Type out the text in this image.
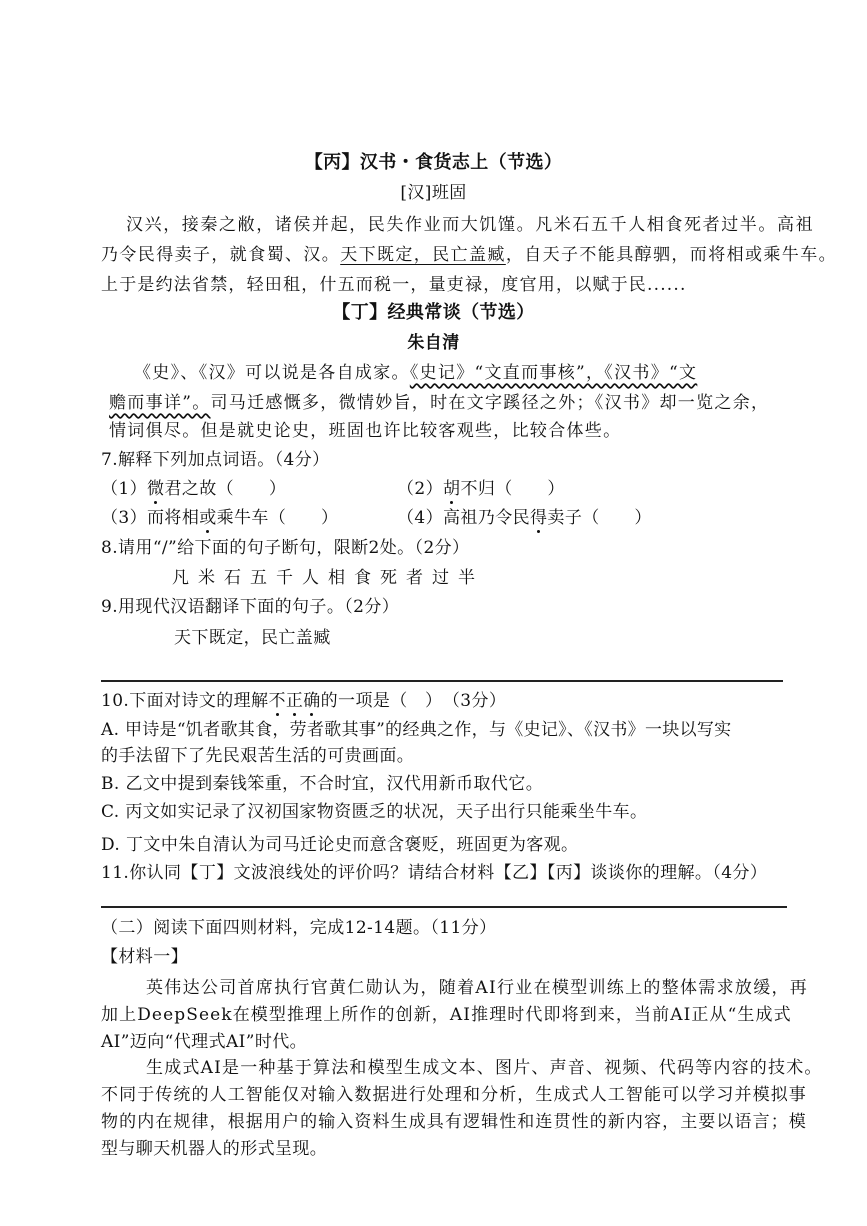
【丙】汉书・食货志上（节选）
[汉]班固
汉兴，接秦之敝，诸侯并起，民失作业而大饥馑。凡米石五千人相食死者过半。高祖
乃令民得卖子，就食蜀、汉。天下既定，民亡盖臧，自天子不能具醇驷，而将相或乘牛车。
上于是约法省禁，轻田租，什五而税一，量吏禄，度官用，以赋于民......
【丁】经典常谈（节选）
朱自清
《史》、《汉》可以说是各自成家。《史记》“文直而事核”，《汉书》“文
赡而事详”。司马迁感慨多，微情妙旨，时在文字蹊径之外；《汉书》却一览之余，
情词俱尽。但是就史论史，班固也许比较客观些，比较合体些。
7.解释下列加点词语。（4分）
（1）微君之故（　　）	（2）胡不归（　　）
（3）而将相或乘牛车（　　）	（4）高祖乃令民得卖子（　　）
8.请用“/”给下面的句子断句，限断2处。（2分）
凡米石五千人相食死者过半
9.用现代汉语翻译下面的句子。（2分）
天下既定，民亡盖臧
10.下面对诗文的理解不正确的一项是（　）　（3分）
A. 甲诗是“饥者歌其食，劳者歌其事”的经典之作，与《史记》、《汉书》一块以写实
的手法留下了先民艰苦生活的可贵画面。
B. 乙文中提到秦钱笨重，不合时宜，汉代用新币取代它。
C. 丙文如实记录了汉初国家物资匮乏的状况，天子出行只能乘坐牛车。
D. 丁文中朱自清认为司马迁论史而意含褒贬，班固更为客观。
11.你认同【丁】文波浪线处的评价吗？请结合材料【乙】【丙】谈谈你的理解。（4分）
（二）阅读下面四则材料，完成12-14题。（11分）
【材料一】
英伟达公司首席执行官黄仁勋认为，随着AI行业在模型训练上的整体需求放缓，再
加上DeepSeek在模型推理上所作的创新，AI推理时代即将到来，当前AI正从“生成式
AI”迈向“代理式AI”时代。
生成式AI是一种基于算法和模型生成文本、图片、声音、视频、代码等内容的技术。
不同于传统的人工智能仅对输入数据进行处理和分析，生成式人工智能可以学习并模拟事
物的内在规律，根据用户的输入资料生成具有逻辑性和连贯性的新内容，主要以语言；模
型与聊天机器人的形式呈现。
